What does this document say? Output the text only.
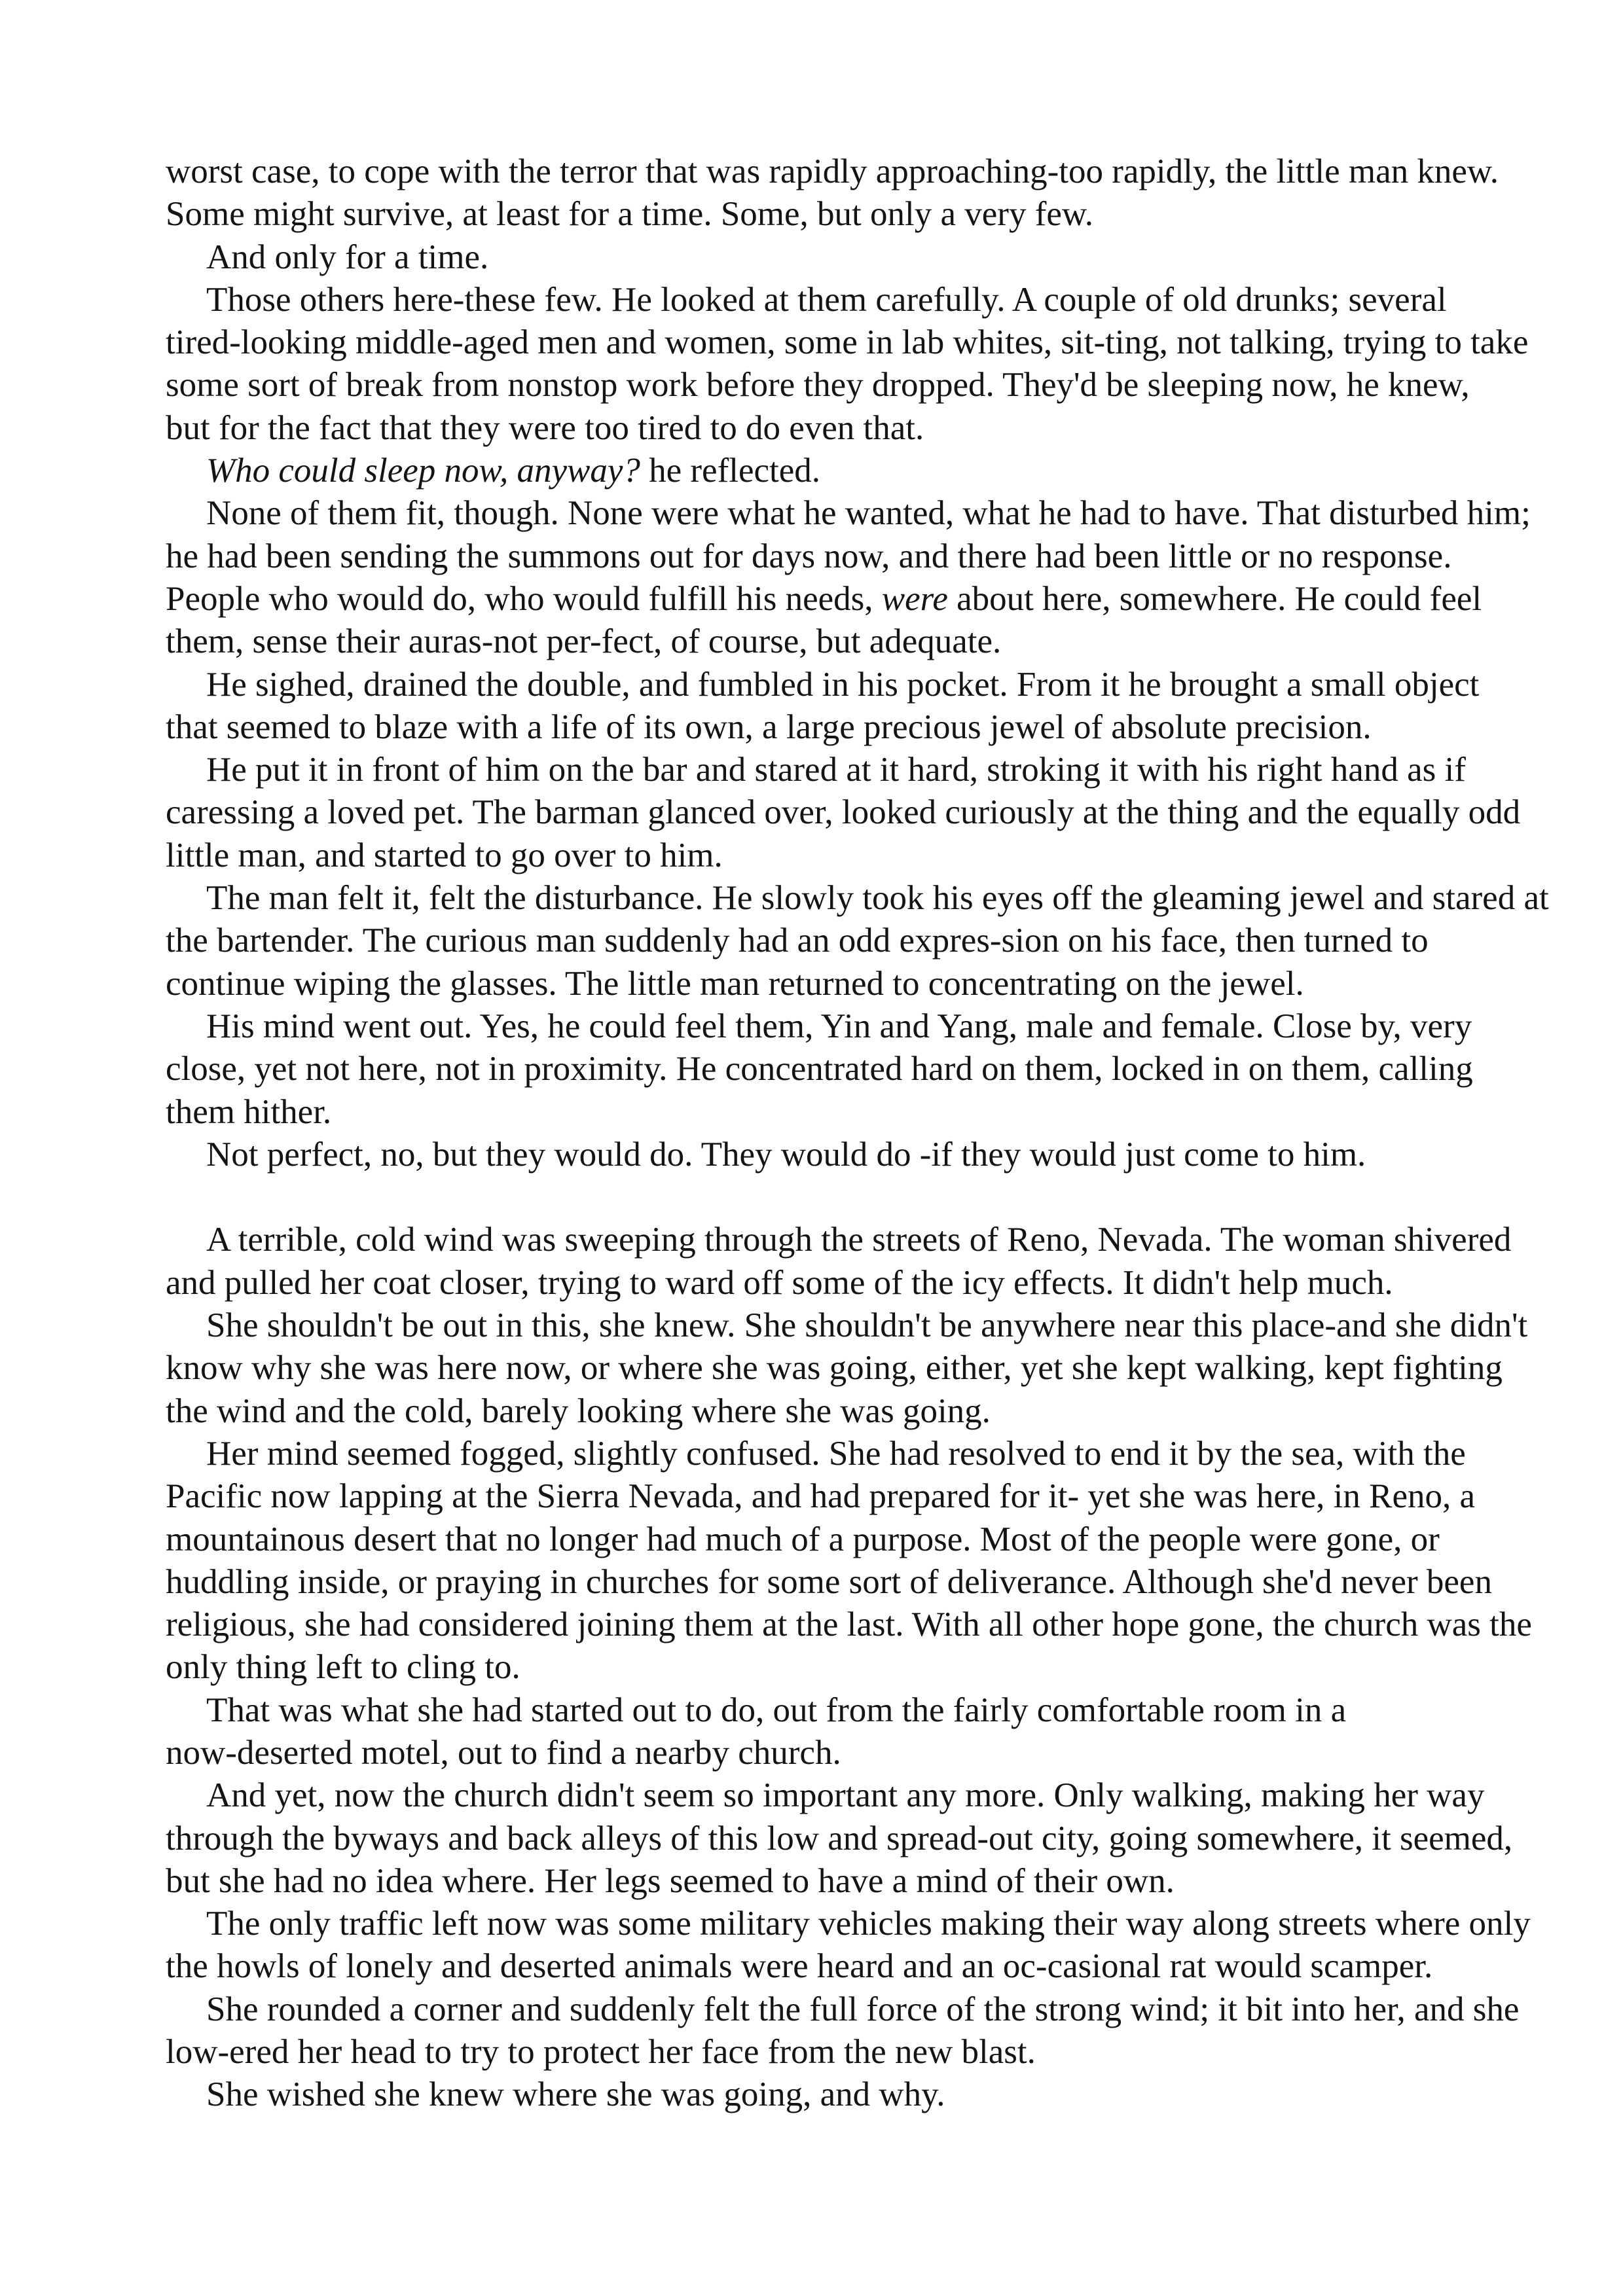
worst case, to cope with the terror that was rapidly approaching-too rapidly, the little man knew.
Some might survive, at least for a time. Some, but only a very few.
And only for a time.
Those others here-these few. He looked at them carefully. A couple of old drunks; several
tired-looking middle-aged men and women, some in lab whites, sit-ting, not talking, trying to take
some sort of break from nonstop work before they dropped. They'd be sleeping now, he knew,
but for the fact that they were too tired to do even that.
Who could sleep now, anyway? he reflected.
None of them fit, though. None were what he wanted, what he had to have. That disturbed him;
he had been sending the summons out for days now, and there had been little or no response.
People who would do, who would fulfill his needs, were about here, somewhere. He could feel
them, sense their auras-not per-fect, of course, but adequate.
He sighed, drained the double, and fumbled in his pocket. From it he brought a small object
that seemed to blaze with a life of its own, a large precious jewel of absolute precision.
He put it in front of him on the bar and stared at it hard, stroking it with his right hand as if
caressing a loved pet. The barman glanced over, looked curiously at the thing and the equally odd
little man, and started to go over to him.
The man felt it, felt the disturbance. He slowly took his eyes off the gleaming jewel and stared at
the bartender. The curious man suddenly had an odd expres-sion on his face, then turned to
continue wiping the glasses. The little man returned to concentrating on the jewel.
His mind went out. Yes, he could feel them, Yin and Yang, male and female. Close by, very
close, yet not here, not in proximity. He concentrated hard on them, locked in on them, calling
them hither.
Not perfect, no, but they would do. They would do -if they would just come to him.
A terrible, cold wind was sweeping through the streets of Reno, Nevada. The woman shivered
and pulled her coat closer, trying to ward off some of the icy effects. It didn't help much.
She shouldn't be out in this, she knew. She shouldn't be anywhere near this place-and she didn't
know why she was here now, or where she was going, either, yet she kept walking, kept fighting
the wind and the cold, barely looking where she was going.
Her mind seemed fogged, slightly confused. She had resolved to end it by the sea, with the
Pacific now lapping at the Sierra Nevada, and had prepared for it- yet she was here, in Reno, a
mountainous desert that no longer had much of a purpose. Most of the people were gone, or
huddling inside, or praying in churches for some sort of deliverance. Although she'd never been
religious, she had considered joining them at the last. With all other hope gone, the church was the
only thing left to cling to.
That was what she had started out to do, out from the fairly comfortable room in a
now-deserted motel, out to find a nearby church.
And yet, now the church didn't seem so important any more. Only walking, making her way
through the byways and back alleys of this low and spread-out city, going somewhere, it seemed,
but she had no idea where. Her legs seemed to have a mind of their own.
The only traffic left now was some military vehicles making their way along streets where only
the howls of lonely and deserted animals were heard and an oc-casional rat would scamper.
She rounded a corner and suddenly felt the full force of the strong wind; it bit into her, and she
low-ered her head to try to protect her face from the new blast.
She wished she knew where she was going, and why.
